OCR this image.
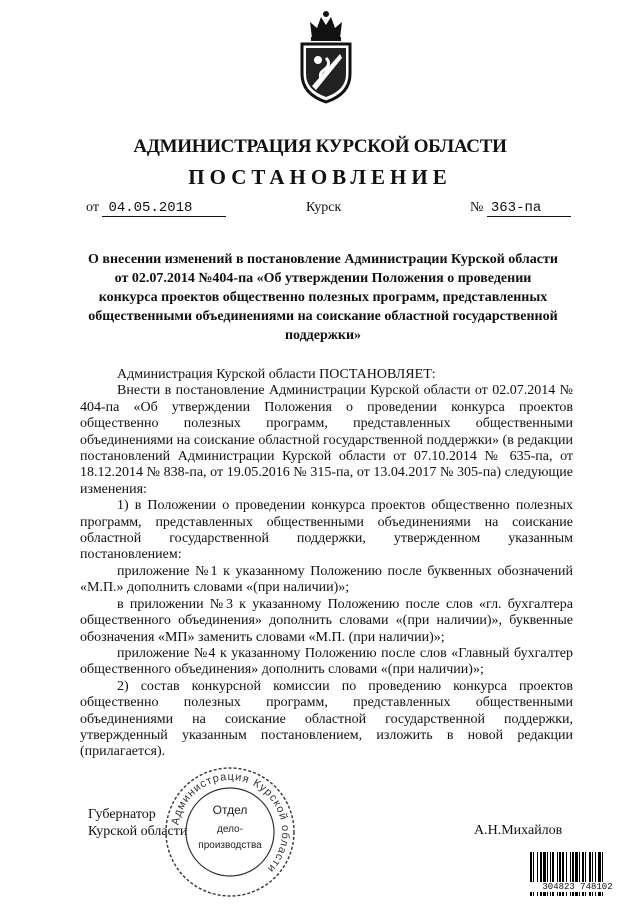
АДМИНИСТРАЦИЯ КУРСКОЙ ОБЛАСТИ
ПОСТАНОВЛЕНИЕ
от 04.05.2018	Курск	№ 363-па
О внесении изменений в постановление Администрации Курской области от 02.07.2014 №404-па «Об утверждении Положения о проведении конкурса проектов общественно полезных программ, представленных общественными объединениями на соискание областной государственной поддержки»

Администрация Курской области ПОСТАНОВЛЯЕТ:

Внести в постановление Администрации Курской области от 02.07.2014 № 404-па «Об утверждении Положения о проведении конкурса проектов общественно полезных программ, представленных общественными объединениями на соискание областной государственной поддержки» (в редакции постановлений Администрации Курской области от 07.10.2014 № 635-па, от 18.12.2014 № 838-па, от 19.05.2016 № 315-па, от 13.04.2017 № 305-па) следующие изменения:

1) в Положении о проведении конкурса проектов общественно полезных программ, представленных общественными объединениями на соискание областной государственной поддержки, утвержденном указанным постановлением:

приложение №1 к указанному Положению после буквенных обозначений «М.П.» дополнить словами «(при наличии)»;

в приложении №3 к указанному Положению после слов «гл. бухгалтера общественного объединения» дополнить словами «(при наличии)», буквенные обозначения «МП» заменить словами «М.П. (при наличии)»;

приложение №4 к указанному Положению после слов «Главный бухгалтер общественного объединения» дополнить словами «(при наличии)»;

2) состав конкурсной комиссии по проведению конкурса проектов общественно полезных программ, представленных общественными объединениями на соискание областной государственной поддержки, утвержденный указанным постановлением, изложить в новой редакции (прилагается).

Губернатор
Курской области	А.Н.Михайлов
Администрация Курской области
Отдел
дело-
производства
304823 748102
